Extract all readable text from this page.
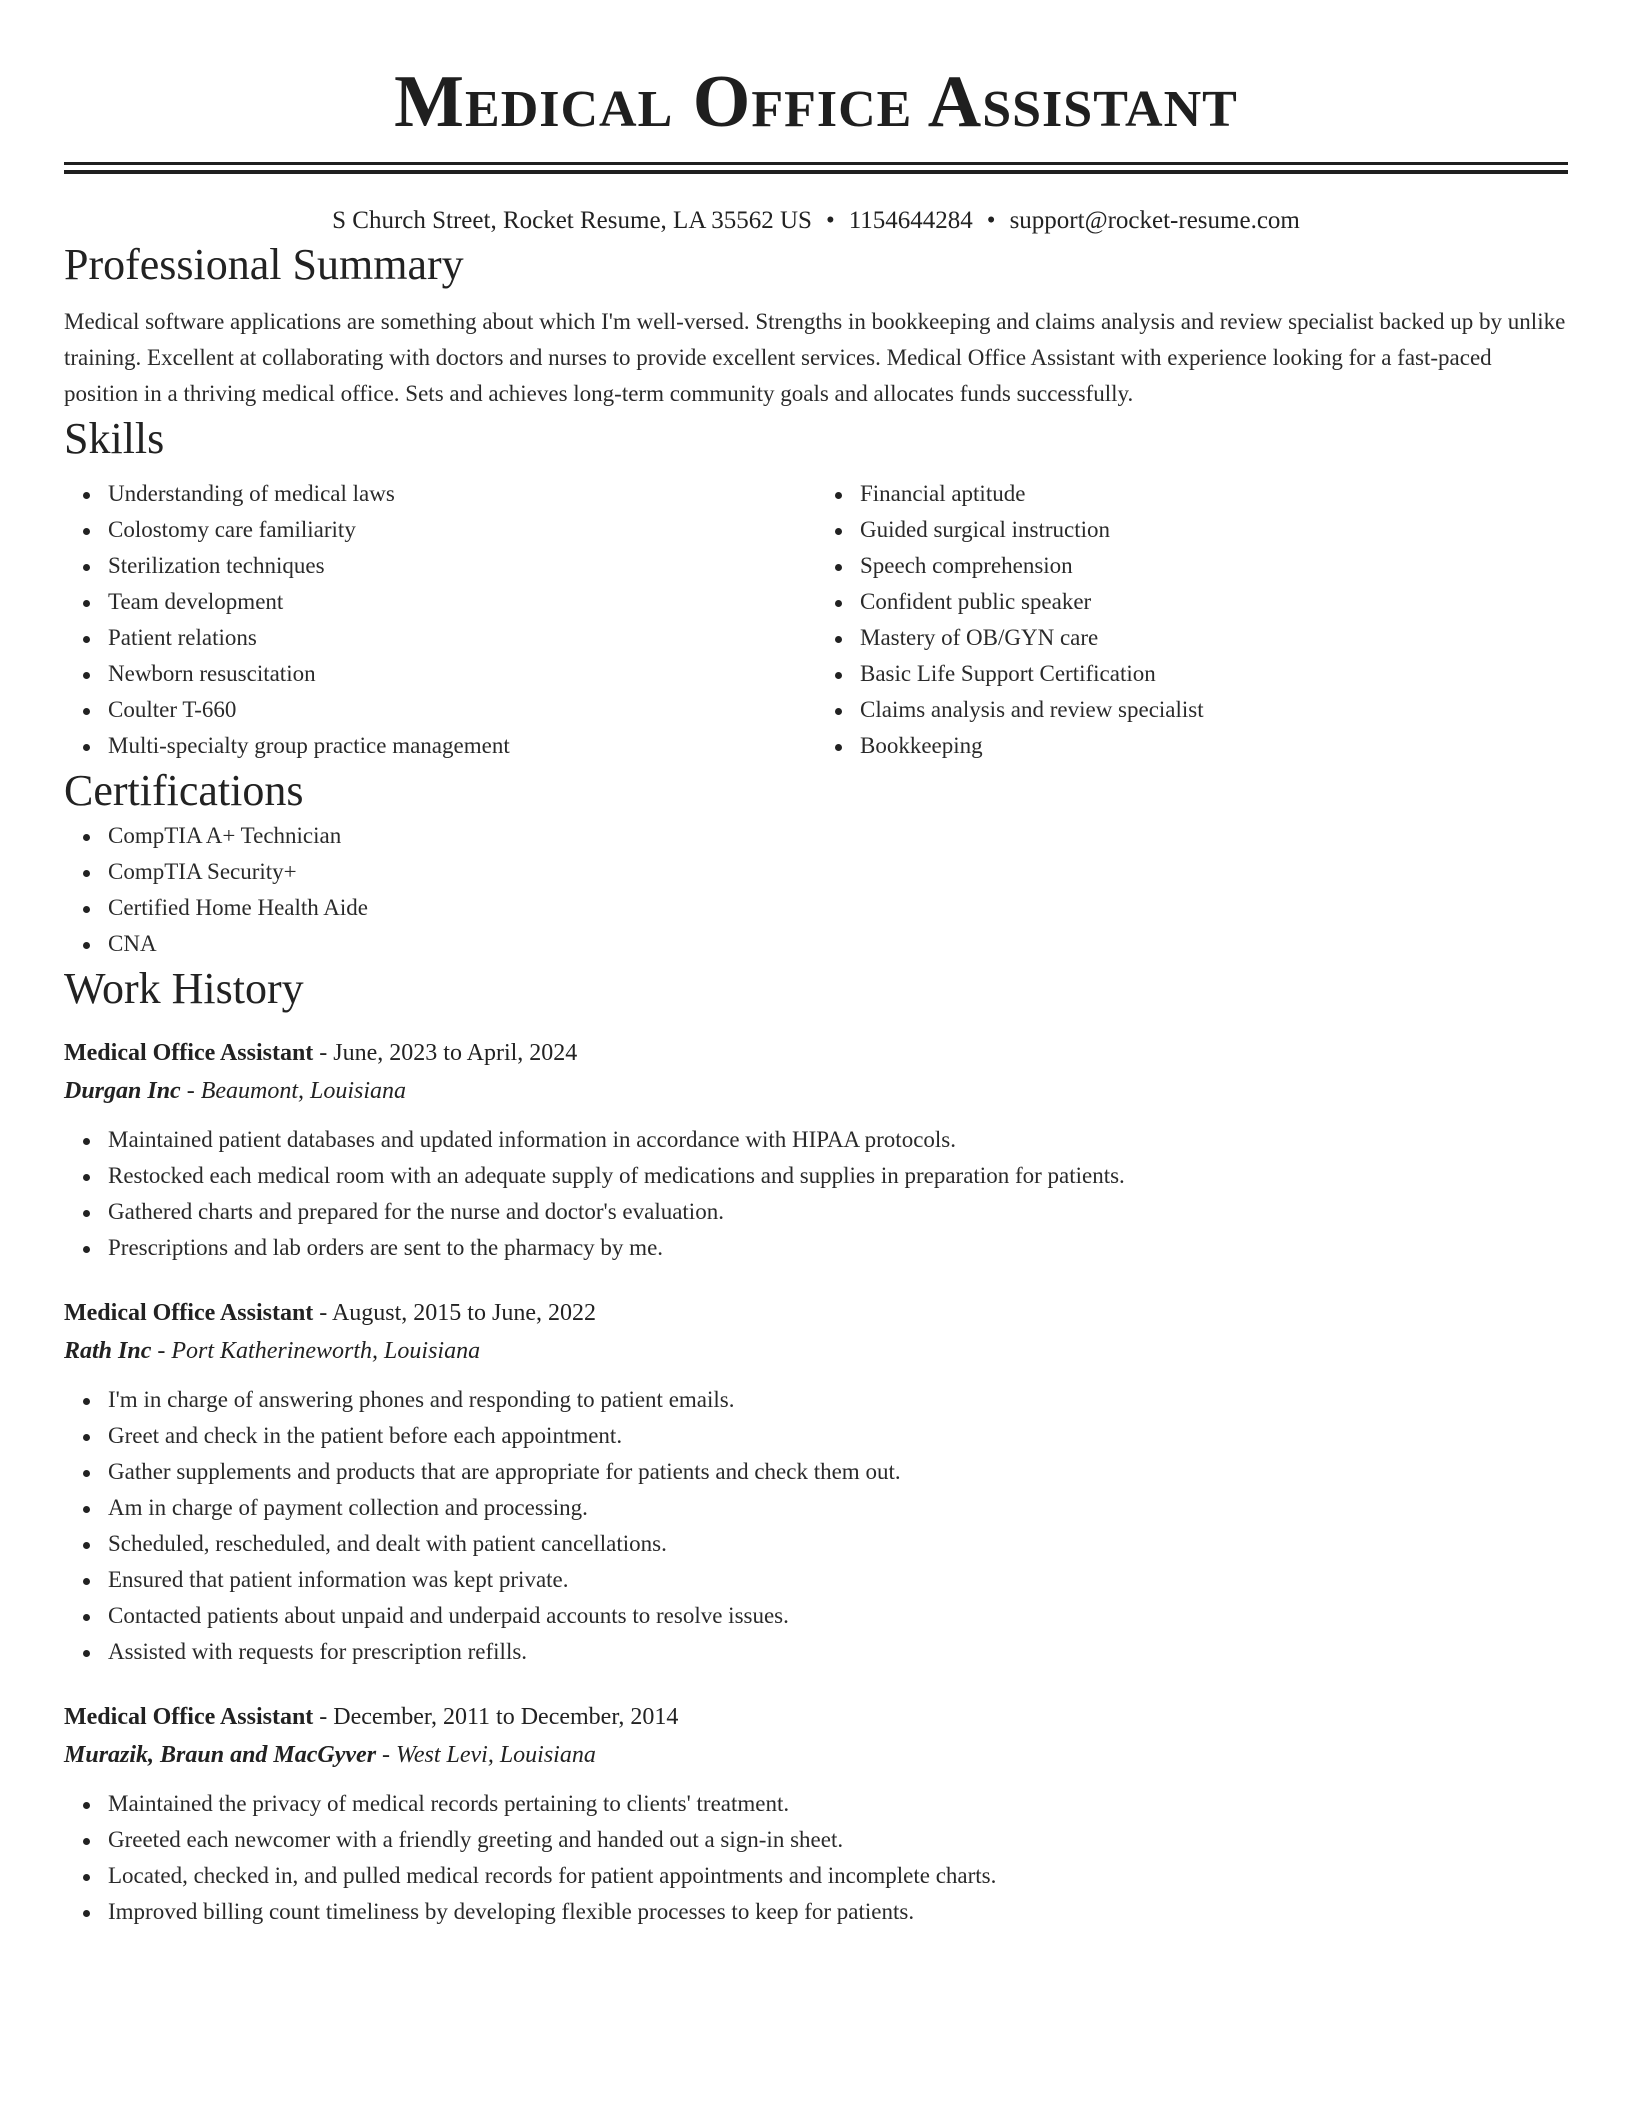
Medical Office Assistant
S Church Street, Rocket Resume, LA 35562 US • 1154644284 • support@rocket-resume.com
Professional Summary

Medical software applications are something about which I'm well-versed. Strengths in bookkeeping and claims analysis and review specialist backed up by unlike training. Excellent at collaborating with doctors and nurses to provide excellent services. Medical Office Assistant with experience looking for a fast-paced position in a thriving medical office. Sets and achieves long-term community goals and allocates funds successfully.

Skills
Understanding of medical laws
Colostomy care familiarity
Sterilization techniques
Team development
Patient relations
Newborn resuscitation
Coulter T-660
Multi-specialty group practice management
Financial aptitude
Guided surgical instruction
Speech comprehension
Confident public speaker
Mastery of OB/GYN care
Basic Life Support Certification
Claims analysis and review specialist
Bookkeeping
Certifications
CompTIA A+ Technician
CompTIA Security+
Certified Home Health Aide
CNA
Work History
Medical Office Assistant - June, 2023 to April, 2024
Durgan Inc - Beaumont, Louisiana
Maintained patient databases and updated information in accordance with HIPAA protocols.
Restocked each medical room with an adequate supply of medications and supplies in preparation for patients.
Gathered charts and prepared for the nurse and doctor's evaluation.
Prescriptions and lab orders are sent to the pharmacy by me.
Medical Office Assistant - August, 2015 to June, 2022
Rath Inc - Port Katherineworth, Louisiana
I'm in charge of answering phones and responding to patient emails.
Greet and check in the patient before each appointment.
Gather supplements and products that are appropriate for patients and check them out.
Am in charge of payment collection and processing.
Scheduled, rescheduled, and dealt with patient cancellations.
Ensured that patient information was kept private.
Contacted patients about unpaid and underpaid accounts to resolve issues.
Assisted with requests for prescription refills.
Medical Office Assistant - December, 2011 to December, 2014
Murazik, Braun and MacGyver - West Levi, Louisiana
Maintained the privacy of medical records pertaining to clients' treatment.
Greeted each newcomer with a friendly greeting and handed out a sign-in sheet.
Located, checked in, and pulled medical records for patient appointments and incomplete charts.
Improved billing count timeliness by developing flexible processes to keep for patients.
